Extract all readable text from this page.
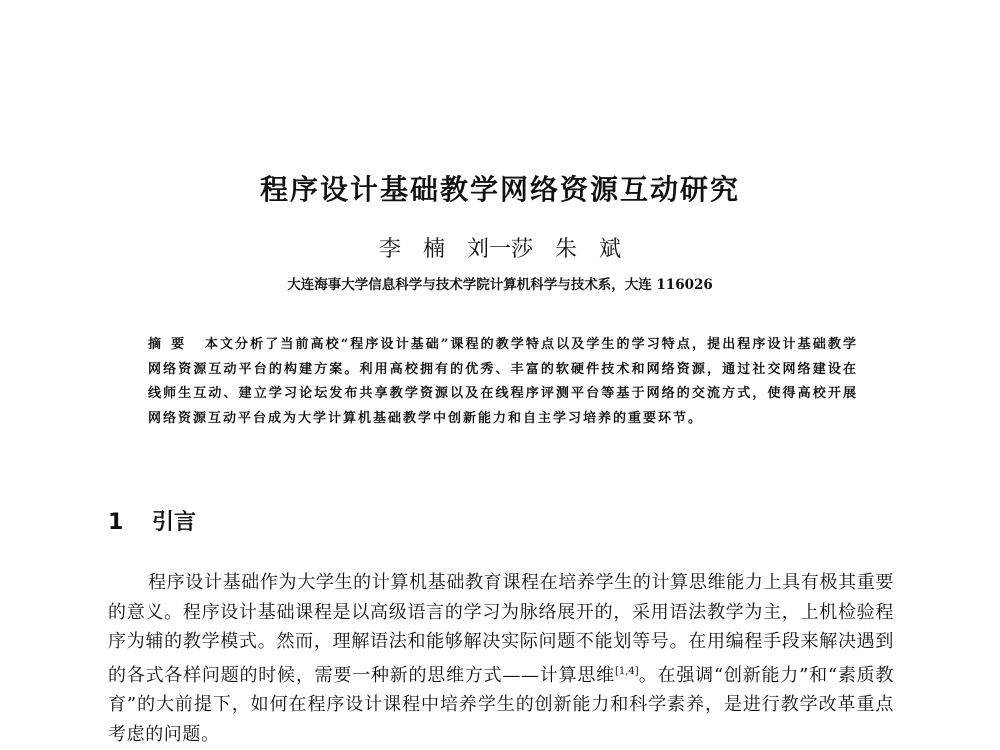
程序设计基础教学网络资源互动研究
李　楠　刘一莎　朱　斌
大连海事大学信息科学与技术学院计算机科学与技术系，大连 116026
摘要 本文分析了当前高校“程序设计基础”课程的教学特点以及学生的学习特点，提出程序设计基础教学网络资源互动平台的构建方案。利用高校拥有的优秀、丰富的软硬件技术和网络资源，通过社交网络建设在线师生互动、建立学习论坛发布共享教学资源以及在线程序评测平台等基于网络的交流方式，使得高校开展网络资源互动平台成为大学计算机基础教学中创新能力和自主学习培养的重要环节。
1 引言
程序设计基础作为大学生的计算机基础教育课程在培养学生的计算思维能力上具有极其重要的意义。程序设计基础课程是以高级语言的学习为脉络展开的，采用语法教学为主，上机检验程序为辅的教学模式。然而，理解语法和能够解决实际问题不能划等号。在用编程手段来解决遇到的各式各样问题的时候，需要一种新的思维方式——计算思维[1,4]。在强调“创新能力”和“素质教育”的大前提下，如何在程序设计课程中培养学生的创新能力和科学素养，是进行教学改革重点考虑的问题。
